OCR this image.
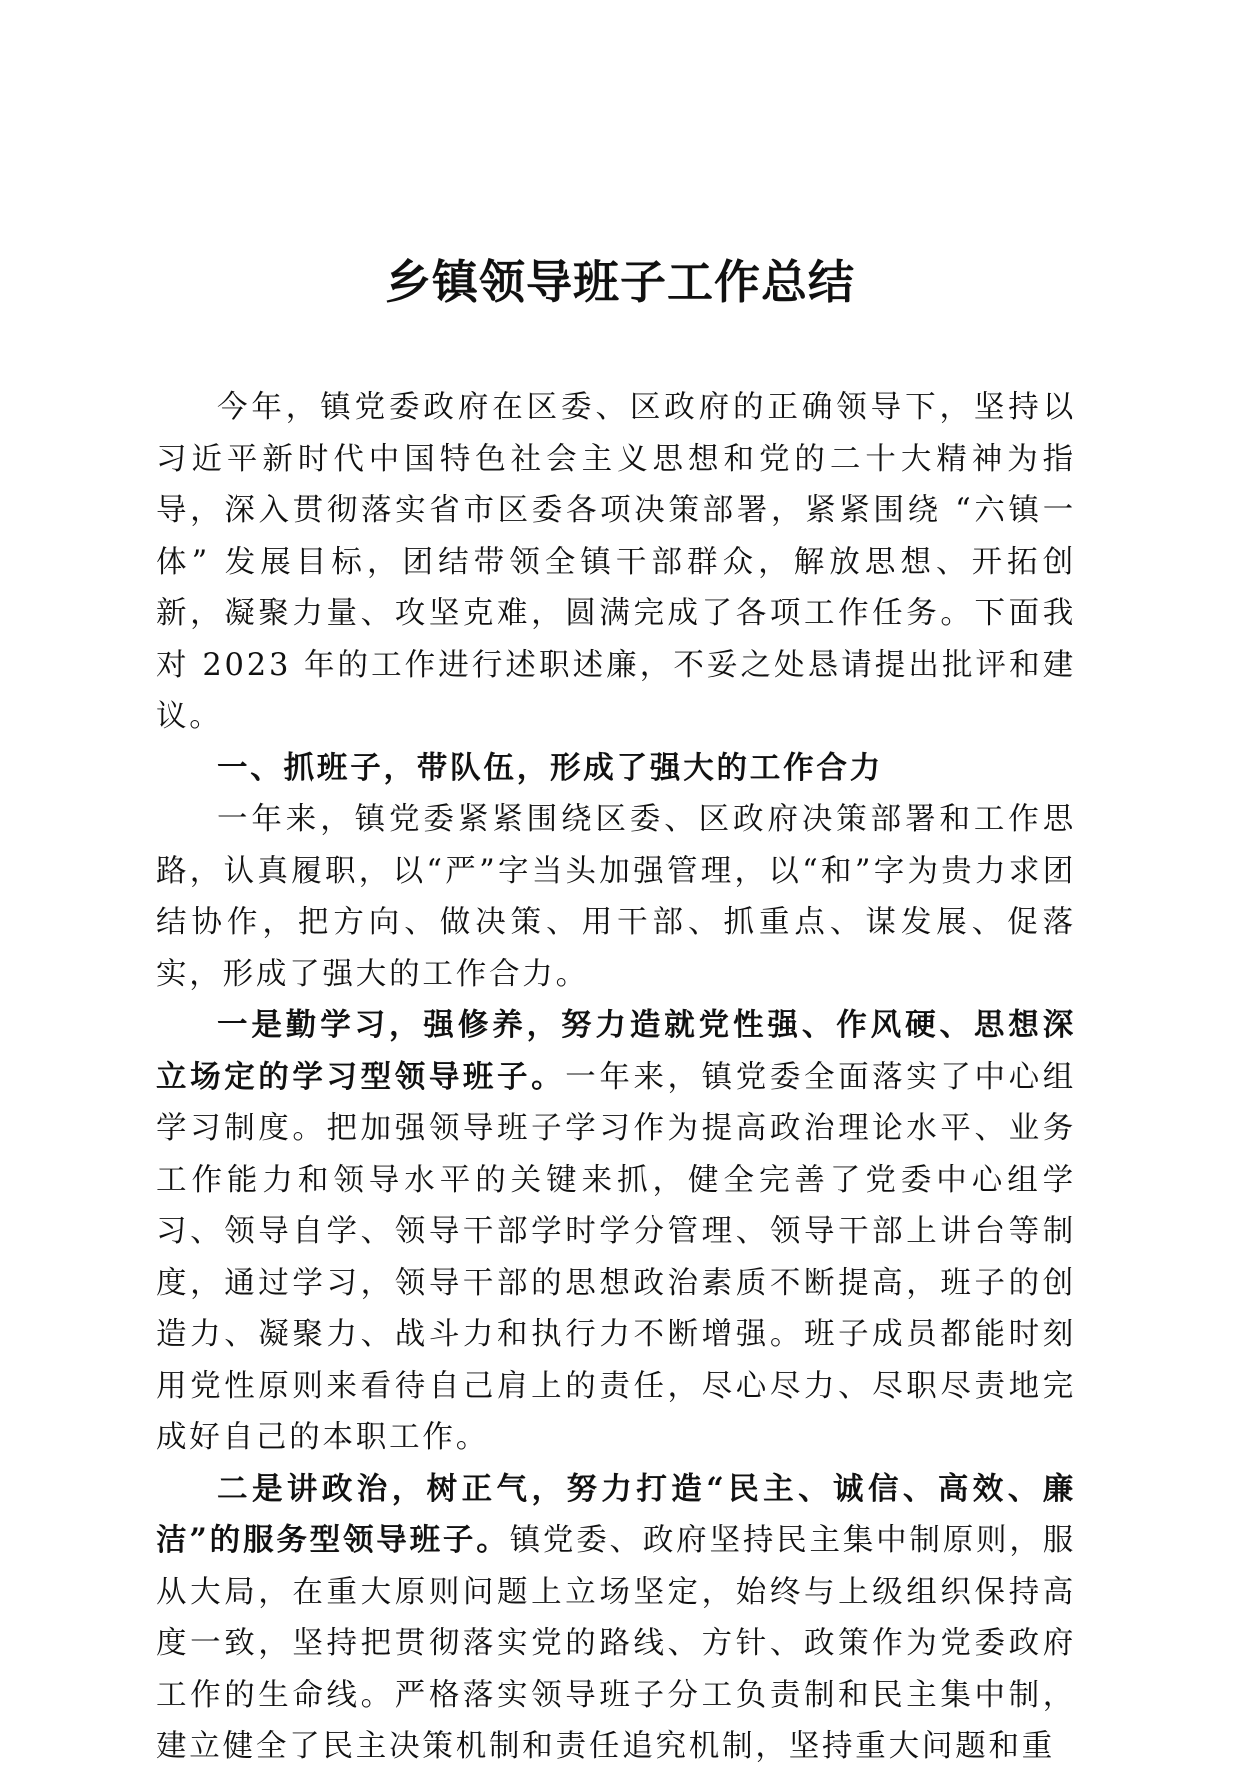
乡镇领导班子工作总结

今年，镇党委政府在区委、区政府的正确领导下，坚持以习近平新时代中国特色社会主义思想和党的二十大精神为指导，深入贯彻落实省市区委各项决策部署，紧紧围绕 “六镇一体” 发展目标，团结带领全镇干部群众，解放思想、开拓创新，凝聚力量、攻坚克难，圆满完成了各项工作任务。下面我对 2023 年的工作进行述职述廉，不妥之处恳请提出批评和建议。

一、抓班子，带队伍，形成了强大的工作合力

一年来，镇党委紧紧围绕区委、区政府决策部署和工作思路，认真履职，以“严”字当头加强管理，以“和”字为贵力求团结协作，把方向、做决策、用干部、抓重点、谋发展、促落实，形成了强大的工作合力。

一是勤学习，强修养，努力造就党性强、作风硬、思想深立场定的学习型领导班子。一年来，镇党委全面落实了中心组学习制度。把加强领导班子学习作为提高政治理论水平、业务工作能力和领导水平的关键来抓，健全完善了党委中心组学习、领导自学、领导干部学时学分管理、领导干部上讲台等制度，通过学习，领导干部的思想政治素质不断提高，班子的创造力、凝聚力、战斗力和执行力不断增强。班子成员都能时刻用党性原则来看待自己肩上的责任，尽心尽力、尽职尽责地完成好自己的本职工作。

二是讲政治，树正气，努力打造“民主、诚信、高效、廉洁”的服务型领导班子。镇党委、政府坚持民主集中制原则，服从大局，在重大原则问题上立场坚定，始终与上级组织保持高度一致，坚持把贯彻落实党的路线、方针、政策作为党委政府工作的生命线。严格落实领导班子分工负责制和民主集中制，建立健全了民主决策机制和责任追究机制，坚持重大问题和重
